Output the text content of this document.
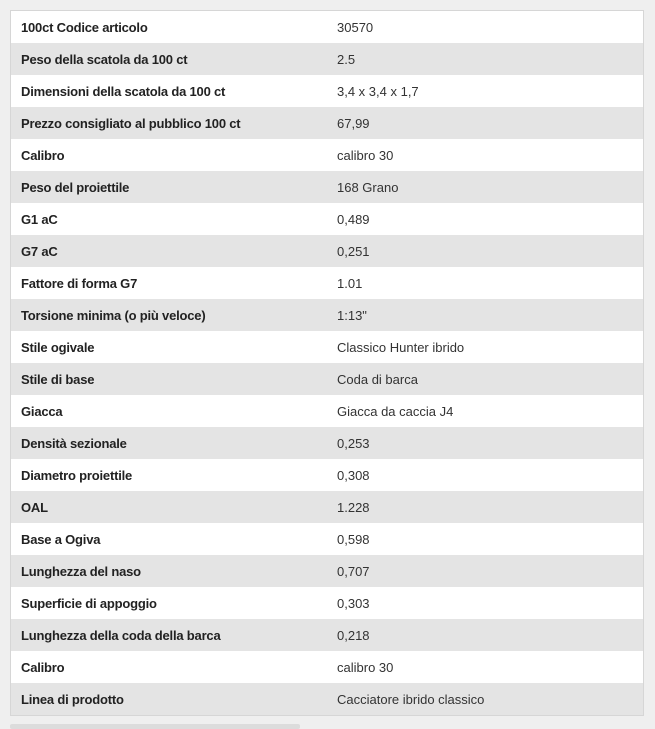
100ct Codice articolo	30570
Peso della scatola da 100 ct	2.5
Dimensioni della scatola da 100 ct	3,4 x 3,4 x 1,7
Prezzo consigliato al pubblico 100 ct	67,99
Calibro	calibro 30
Peso del proiettile	168 Grano
G1 aC	0,489
G7 aC	0,251
Fattore di forma G7	1.01
Torsione minima (o più veloce)	1:13"
Stile ogivale	Classico Hunter ibrido
Stile di base	Coda di barca
Giacca	Giacca da caccia J4
Densità sezionale	0,253
Diametro proiettile	0,308
OAL	1.228
Base a Ogiva	0,598
Lunghezza del naso	0,707
Superficie di appoggio	0,303
Lunghezza della coda della barca	0,218
Calibro	calibro 30
Linea di prodotto	Cacciatore ibrido classico
